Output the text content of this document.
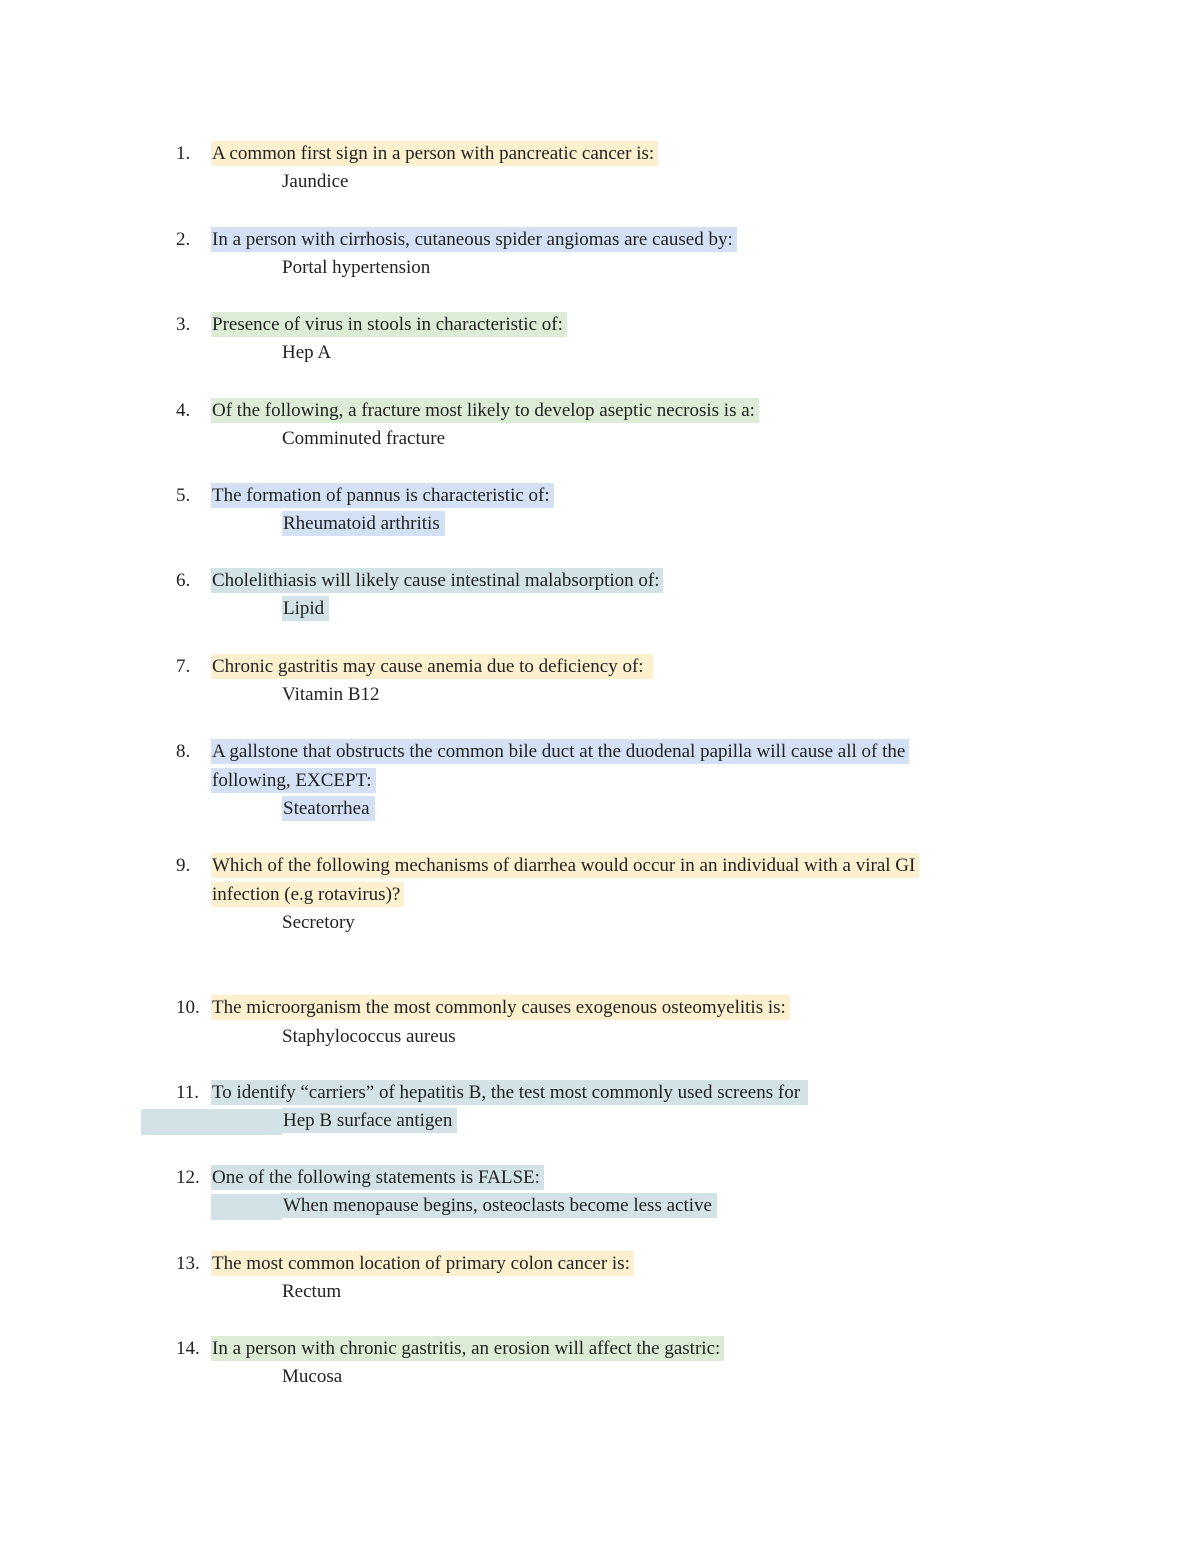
1. A common first sign in a person with pancreatic cancer is:
Jaundice
2. In a person with cirrhosis, cutaneous spider angiomas are caused by:
Portal hypertension
3. Presence of virus in stools in characteristic of:
Hep A
4. Of the following, a fracture most likely to develop aseptic necrosis is a:
Comminuted fracture
5. The formation of pannus is characteristic of:
Rheumatoid arthritis
6. Cholelithiasis will likely cause intestinal malabsorption of:
Lipid
7. Chronic gastritis may cause anemia due to deficiency of:
Vitamin B12
8. A gallstone that obstructs the common bile duct at the duodenal papilla will cause all of the
following, EXCEPT:
Steatorrhea
9. Which of the following mechanisms of diarrhea would occur in an individual with a viral GI
infection (e.g rotavirus)?
Secretory
10. The microorganism the most commonly causes exogenous osteomyelitis is:
Staphylococcus aureus
11. To identify “carriers” of hepatitis B, the test most commonly used screens for
Hep B surface antigen
12. One of the following statements is FALSE:
When menopause begins, osteoclasts become less active
13. The most common location of primary colon cancer is:
Rectum
14. In a person with chronic gastritis, an erosion will affect the gastric:
Mucosa
